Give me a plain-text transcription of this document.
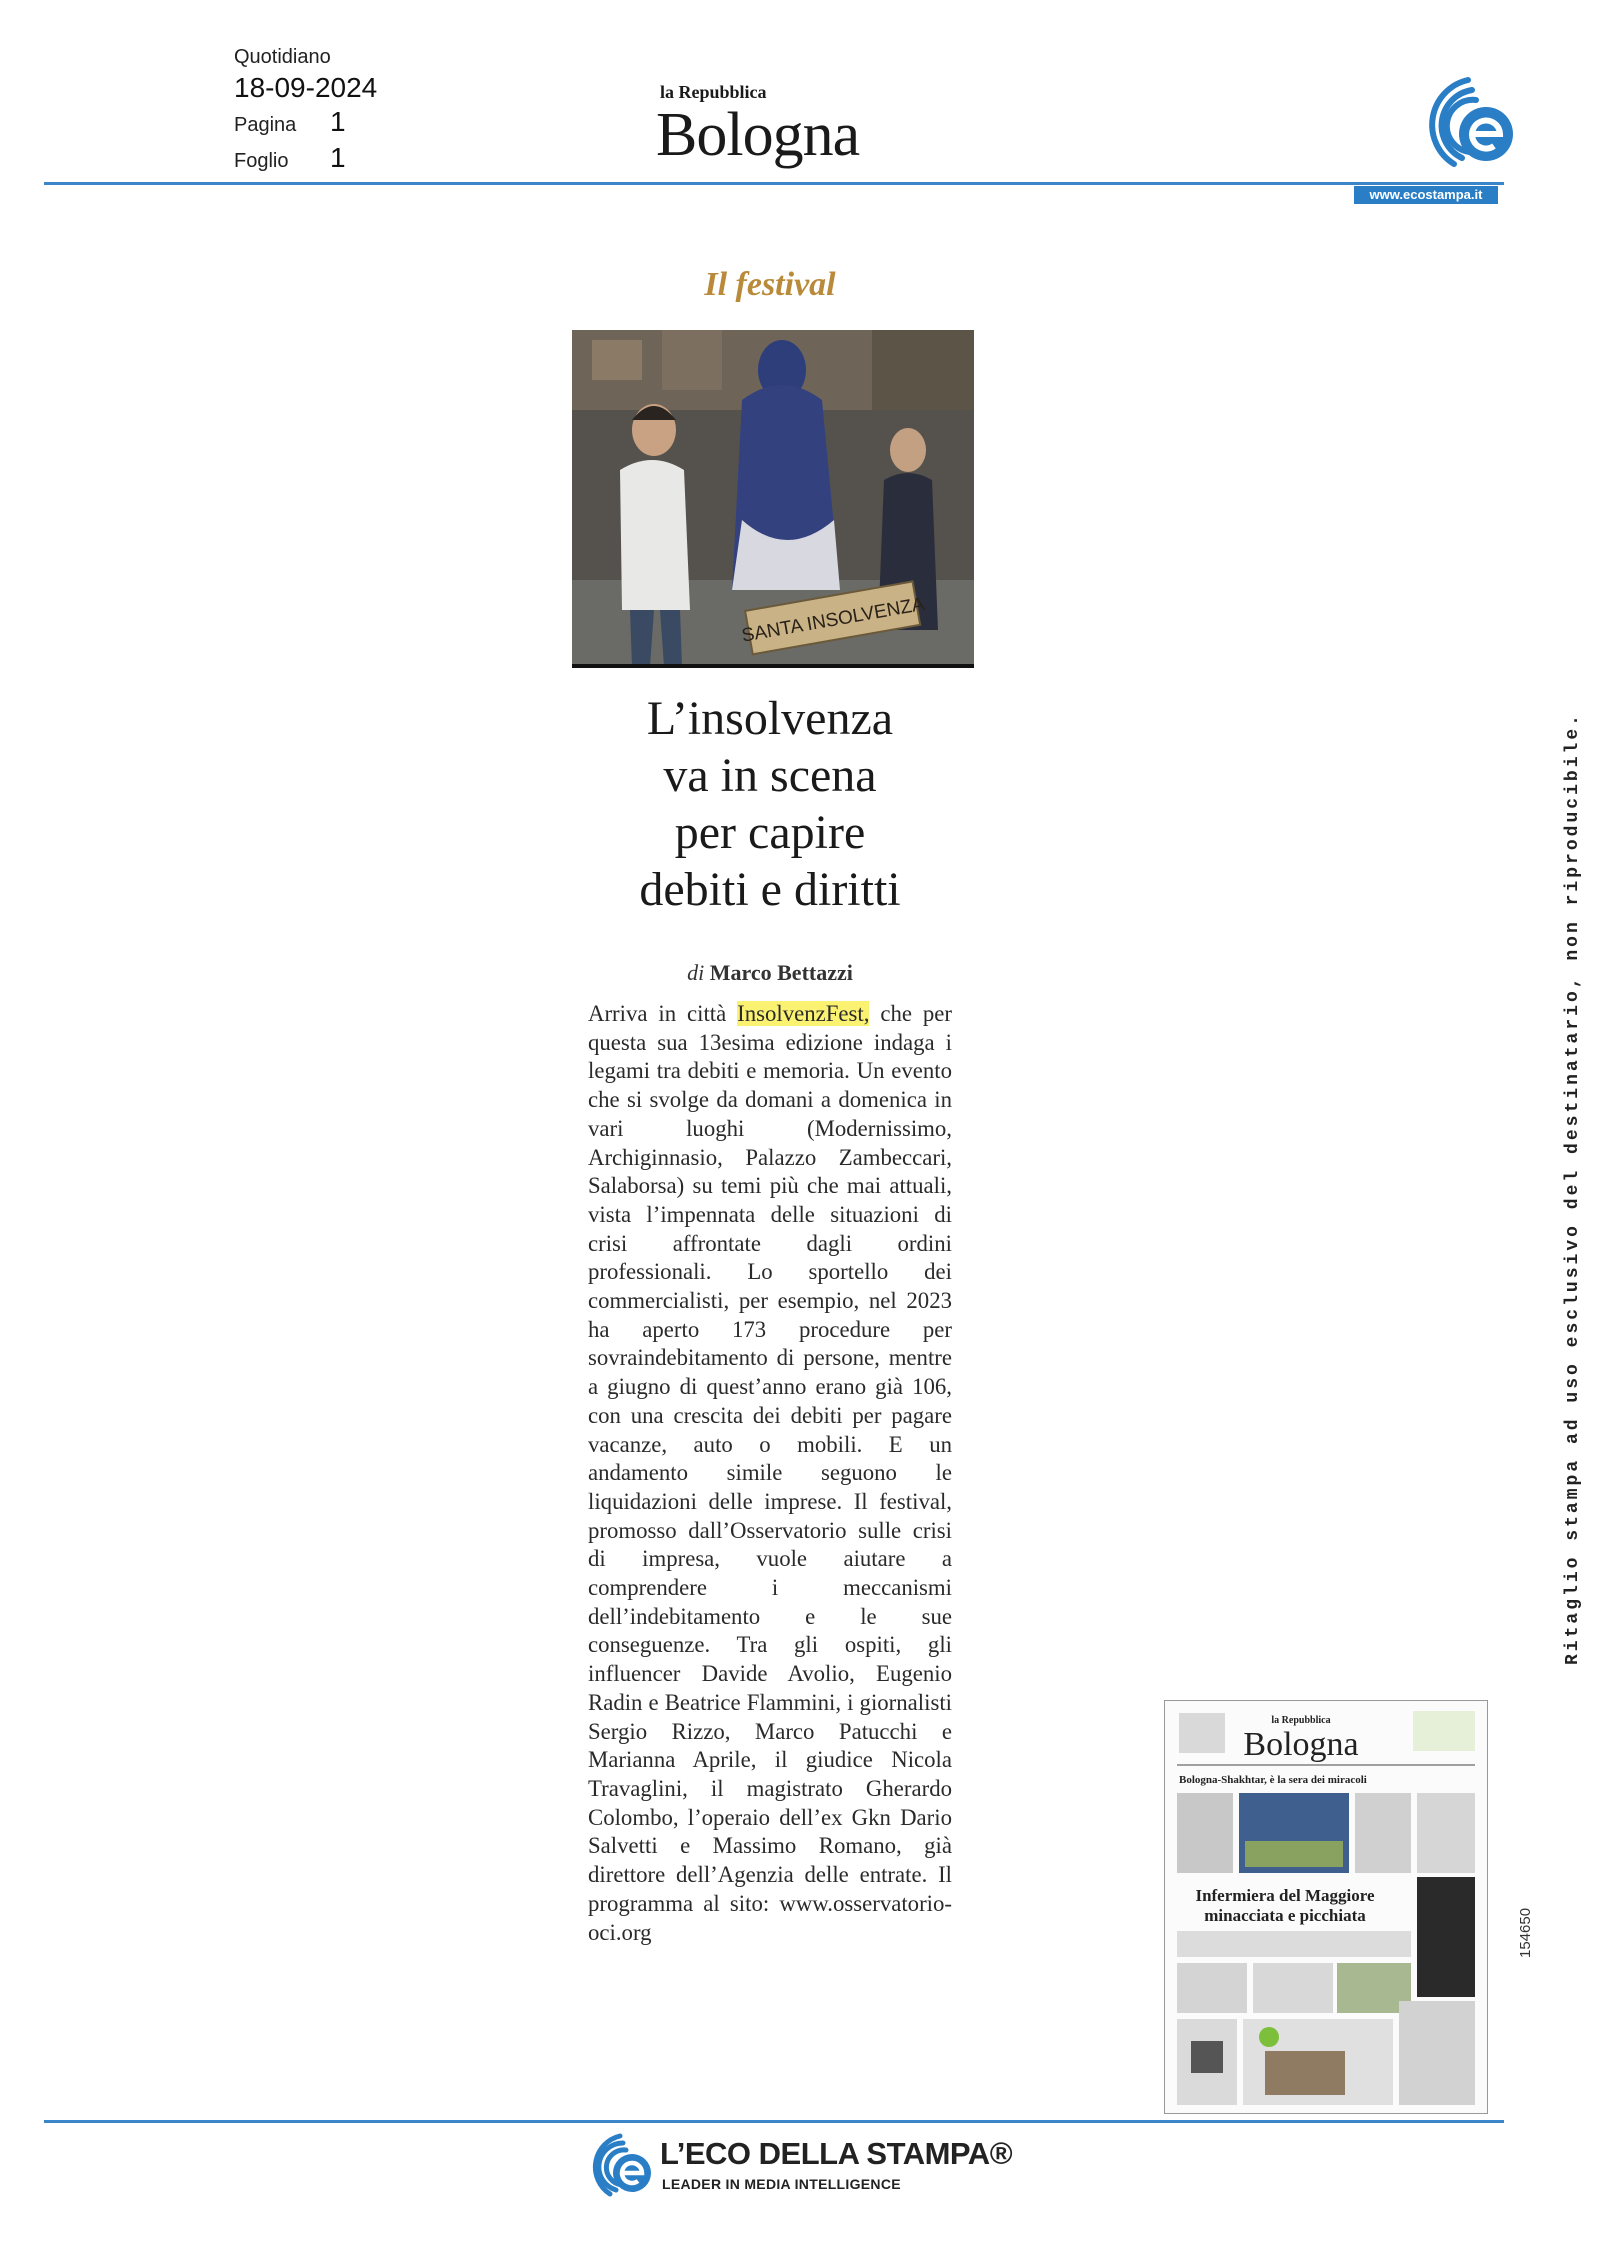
Quotidiano
18-09-2024
Pagina 1
Foglio 1
la Repubblica
Bologna
www.ecostampa.it
Il festival
SANTA INSOLVENZA
L’insolvenza
va in scena
per capire
debiti e diritti
di Marco Bettazzi
Arriva in città InsolvenzFest, che per questa sua 13esima edizione indaga i legami tra debiti e memoria. Un evento che si svolge da domani a domenica in vari luoghi (Modernissimo, Archiginnasio, Palazzo Zambeccari, Salaborsa) su temi più che mai attuali, vista l’impennata delle situazioni di crisi affrontate dagli ordini professionali. Lo sportello dei commercialisti, per esempio, nel 2023 ha aperto 173 procedure per sovraindebitamento di persone, mentre a giugno di quest’anno erano già 106, con una crescita dei debiti per pagare vacanze, auto o mobili. E un andamento simile seguono le liquidazioni delle imprese. Il festival, promosso dall’Osservatorio sulle crisi di impresa, vuole aiutare a comprendere i meccanismi dell’indebitamento e le sue conseguenze. Tra gli ospiti, gli influencer Davide Avolio, Eugenio Radin e Beatrice Flammini, i giornalisti Sergio Rizzo, Marco Patucchi e Marianna Aprile, il giudice Nicola Travaglini, il magistrato Gherardo Colombo, l’operaio dell’ex Gkn Dario Salvetti e Massimo Romano, già direttore dell’Agenzia delle entrate. Il programma al sito: www.osservatorio-oci.org
Ritaglio stampa ad uso esclusivo del destinatario, non riproducibile.
la Repubblica
Bologna
Bologna-Shakhtar, è la sera dei miracoli
Infermiera del Maggiore
minacciata e picchiata	154650
L’ECO DELLA STAMPA®
LEADER IN MEDIA INTELLIGENCE
